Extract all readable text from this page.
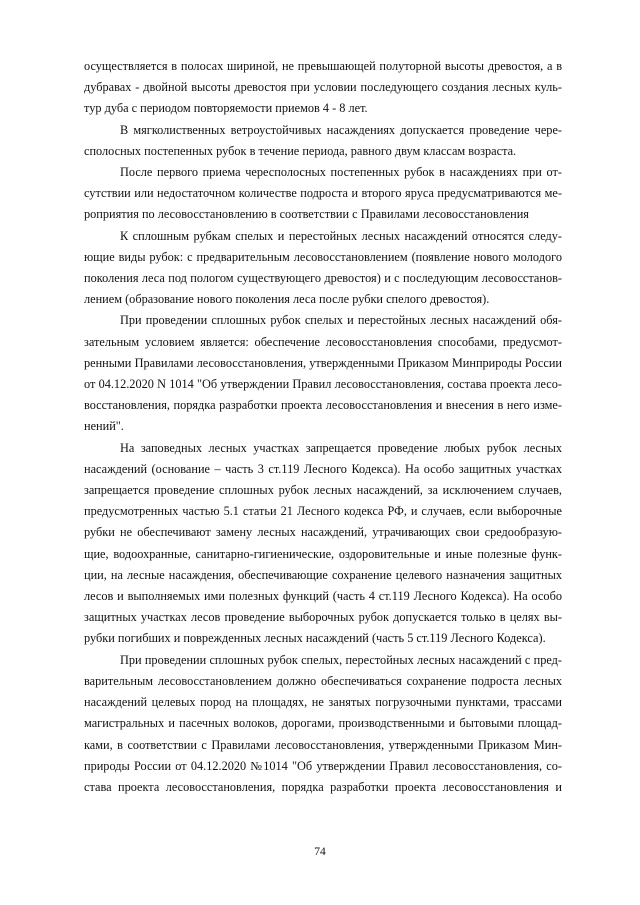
осуществляется в полосах шириной, не превышающей полуторной высоты древостоя, а в
дубравах - двойной высоты древостоя при условии последующего создания лесных куль-
тур дуба с периодом повторяемости приемов 4 - 8 лет.
В мягколиственных ветроустойчивых насаждениях допускается проведение чере-
сполосных постепенных рубок в течение периода, равного двум классам возраста.
После первого приема чересполосных постепенных рубок в насаждениях при от-
сутствии или недостаточном количестве подроста и второго яруса предусматриваются ме-
роприятия по лесовосстановлению в соответствии с Правилами лесовосстановления
К сплошным рубкам спелых и перестойных лесных насаждений относятся следу-
ющие виды рубок: с предварительным лесовосстановлением (появление нового молодого
поколения леса под пологом существующего древостоя) и с последующим лесовосстанов-
лением (образование нового поколения леса после рубки спелого древостоя).
При проведении сплошных рубок спелых и перестойных лесных насаждений обя-
зательным условием является: обеспечение лесовосстановления способами, предусмот-
ренными Правилами лесовосстановления, утвержденными Приказом Минприроды России
от 04.12.2020 N 1014 "Об утверждении Правил лесовосстановления, состава проекта лесо-
восстановления, порядка разработки проекта лесовосстановления и внесения в него изме-
нений".
На заповедных лесных участках запрещается проведение любых рубок лесных
насаждений (основание – часть 3 ст.119 Лесного Кодекса). На особо защитных участках
запрещается проведение сплошных рубок лесных насаждений, за исключением случаев,
предусмотренных частью 5.1 статьи 21 Лесного кодекса РФ, и случаев, если выборочные
рубки не обеспечивают замену лесных насаждений, утрачивающих свои средообразую-
щие, водоохранные, санитарно-гигиенические, оздоровительные и иные полезные функ-
ции, на лесные насаждения, обеспечивающие сохранение целевого назначения защитных
лесов и выполняемых ими полезных функций (часть 4 ст.119 Лесного Кодекса). На особо
защитных участках лесов проведение выборочных рубок допускается только в целях вы-
рубки погибших и поврежденных лесных насаждений (часть 5 ст.119 Лесного Кодекса).
При проведении сплошных рубок спелых, перестойных лесных насаждений с пред-
варительным лесовосстановлением должно обеспечиваться сохранение подроста лесных
насаждений целевых пород на площадях, не занятых погрузочными пунктами, трассами
магистральных и пасечных волоков, дорогами, производственными и бытовыми площад-
ками, в соответствии с Правилами лесовосстановления, утвержденными Приказом Мин-
природы России от 04.12.2020 №1014 "Об утверждении Правил лесовосстановления, со-
става проекта лесовосстановления, порядка разработки проекта лесовосстановления и
74
